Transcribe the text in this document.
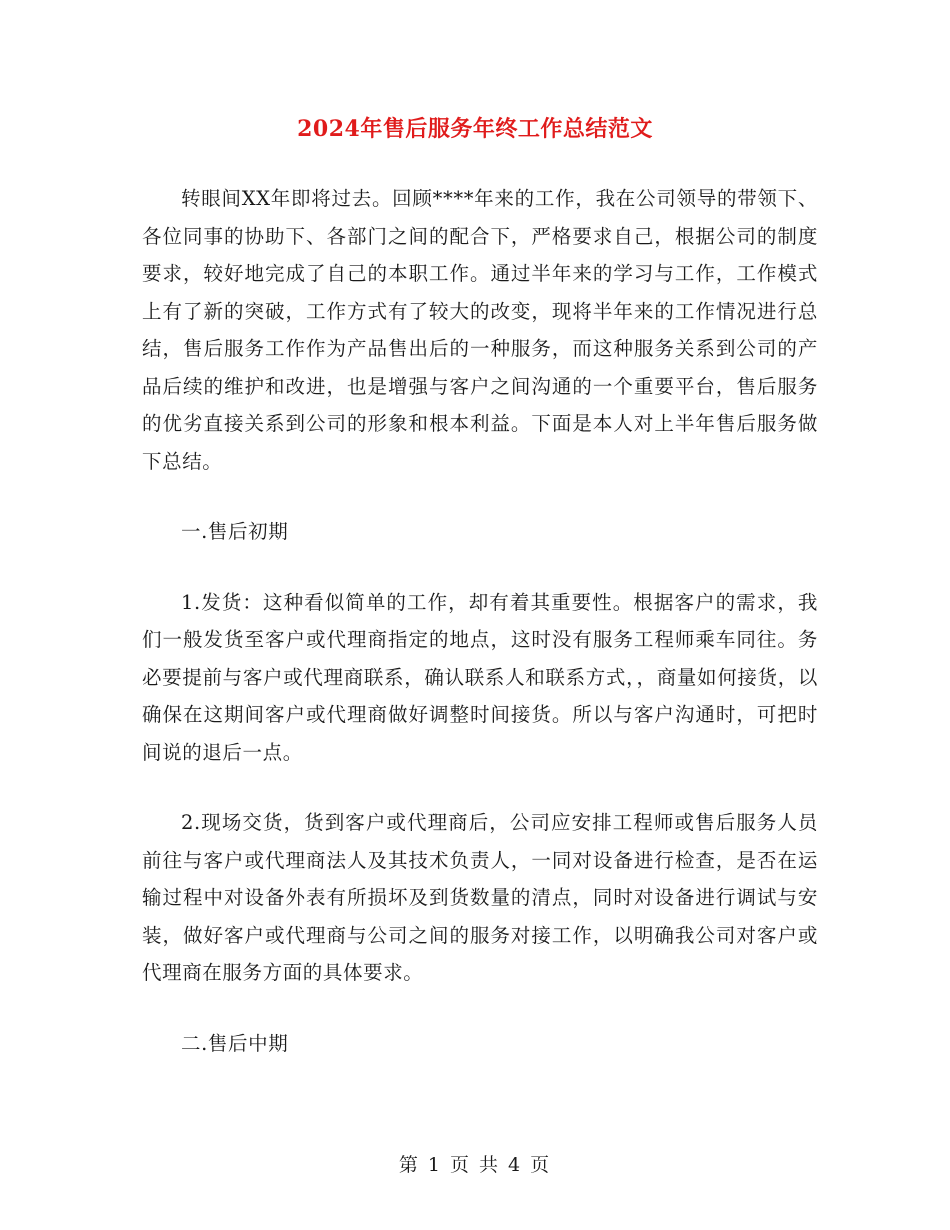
2024年售后服务年终工作总结范文

转眼间XX年即将过去。回顾****年来的工作，我在公司领导的带领下、各位同事的协助下、各部门之间的配合下，严格要求自己，根据公司的制度要求，较好地完成了自己的本职工作。通过半年来的学习与工作，工作模式上有了新的突破，工作方式有了较大的改变，现将半年来的工作情况进行总结，售后服务工作作为产品售出后的一种服务，而这种服务关系到公司的产品后续的维护和改进，也是增强与客户之间沟通的一个重要平台，售后服务的优劣直接关系到公司的形象和根本利益。下面是本人对上半年售后服务做下总结。

一.售后初期

1.发货：这种看似简单的工作，却有着其重要性。根据客户的需求，我们一般发货至客户或代理商指定的地点，这时没有服务工程师乘车同往。务必要提前与客户或代理商联系，确认联系人和联系方式，，商量如何接货，以确保在这期间客户或代理商做好调整时间接货。所以与客户沟通时，可把时间说的退后一点。

2.现场交货，货到客户或代理商后，公司应安排工程师或售后服务人员前往与客户或代理商法人及其技术负责人，一同对设备进行检查，是否在运输过程中对设备外表有所损坏及到货数量的清点，同时对设备进行调试与安装，做好客户或代理商与公司之间的服务对接工作，以明确我公司对客户或代理商在服务方面的具体要求。

二.售后中期

第 1 页 共 4 页
